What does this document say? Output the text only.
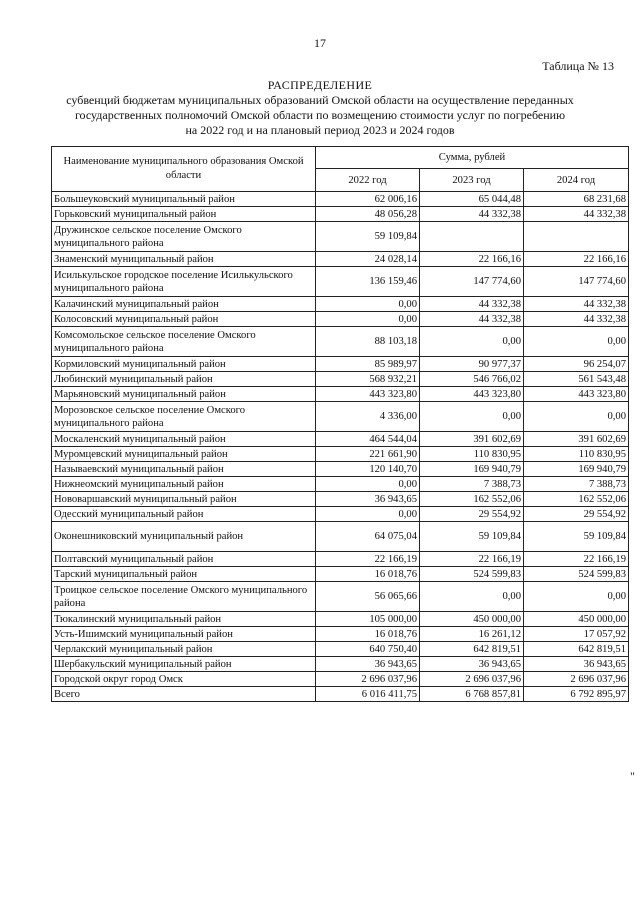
17
Таблица № 13
РАСПРЕДЕЛЕНИЕ
субвенций бюджетам муниципальных образований Омской области на осуществление переданных
государственных полномочий Омской области по возмещению стоимости услуг по погребению
на 2022 год и на плановый период 2023 и 2024 годов
Наименование муниципального образования Омской области	Сумма, рублей		
	2022 год	2023 год	2024 год
Большеуковский муниципальный район	62 006,16	65 044,48	68 231,68
Горьковский муниципальный район	48 056,28	44 332,38	44 332,38
Дружинское сельское поселение Омского муниципального района	59 109,84		
Знаменский муниципальный район	24 028,14	22 166,16	22 166,16
Исилькульское городское поселение Исилькульского муниципального района	136 159,46	147 774,60	147 774,60
Калачинский муниципальный район	0,00	44 332,38	44 332,38
Колосовский муниципальный район	0,00	44 332,38	44 332,38
Комсомольское сельское поселение Омского муниципального района	88 103,18	0,00	0,00
Кормиловский муниципальный район	85 989,97	90 977,37	96 254,07
Любинский муниципальный район	568 932,21	546 766,02	561 543,48
Марьяновский муниципальный район	443 323,80	443 323,80	443 323,80
Морозовское сельское поселение Омского муниципального района	4 336,00	0,00	0,00
Москаленский муниципальный район	464 544,04	391 602,69	391 602,69
Муромцевский муниципальный район	221 661,90	110 830,95	110 830,95
Называевский муниципальный район	120 140,70	169 940,79	169 940,79
Нижнеомский муниципальный район	0,00	7 388,73	7 388,73
Нововаршавский муниципальный район	36 943,65	162 552,06	162 552,06
Одесский муниципальный район	0,00	29 554,92	29 554,92
Оконешниковский муниципальный район	64 075,04	59 109,84	59 109,84
Полтавский муниципальный район	22 166,19	22 166,19	22 166,19
Тарский муниципальный район	16 018,76	524 599,83	524 599,83
Троицкое сельское поселение Омского муниципального района	56 065,66	0,00	0,00
Тюкалинский муниципальный район	105 000,00	450 000,00	450 000,00
Усть-Ишимский муниципальный район	16 018,76	16 261,12	17 057,92
Черлакский муниципальный район	640 750,40	642 819,51	642 819,51
Шербакульский муниципальный район	36 943,65	36 943,65	36 943,65
Городской округ город Омск	2 696 037,96	2 696 037,96	2 696 037,96
Всего	6 016 411,75	6 768 857,81	6 792 895,97
"
